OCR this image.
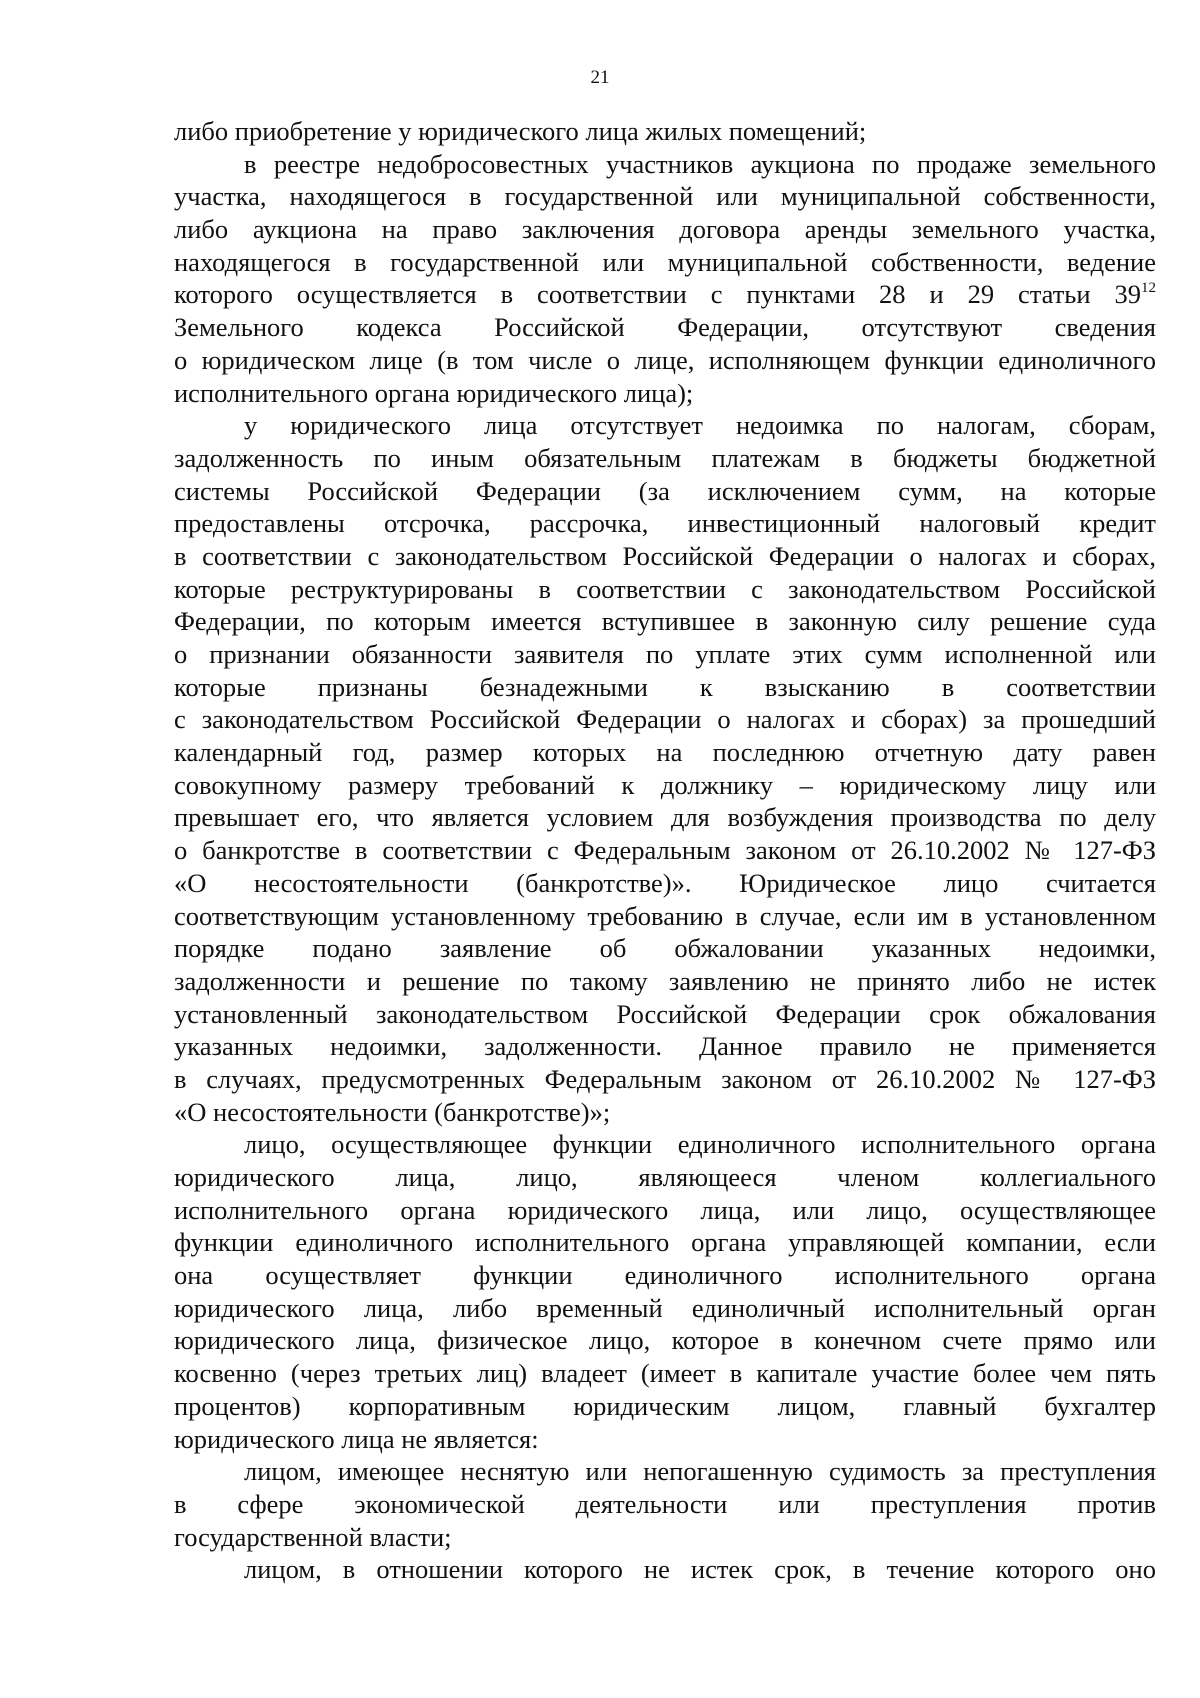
21
либо приобретение у юридического лица жилых помещений;
в реестре недобросовестных участников аукциона по продаже земельного
участка, находящегося в государственной или муниципальной собственности,
либо аукциона на право заключения договора аренды земельного участка,
находящегося в государственной или муниципальной собственности, ведение
которого осуществляется в соответствии с пунктами 28 и 29 статьи $39^{12}$
Земельного кодекса Российской Федерации, отсутствуют сведения
о юридическом лице (в том числе о лице, исполняющем функции единоличного
исполнительного органа юридического лица);
у юридического лица отсутствует недоимка по налогам, сборам,
задолженность по иным обязательным платежам в бюджеты бюджетной
системы Российской Федерации (за исключением сумм, на которые
предоставлены отсрочка, рассрочка, инвестиционный налоговый кредит
в соответствии с законодательством Российской Федерации о налогах и сборах,
которые реструктурированы в соответствии с законодательством Российской
Федерации, по которым имеется вступившее в законную силу решение суда
о признании обязанности заявителя по уплате этих сумм исполненной или
которые признаны безнадежными к взысканию в соответствии
с законодательством Российской Федерации о налогах и сборах) за прошедший
календарный год, размер которых на последнюю отчетную дату равен
совокупному размеру требований к должнику – юридическому лицу или
превышает его, что является условием для возбуждения производства по делу
о банкротстве в соответствии с Федеральным законом от 26.10.2002 № 127-ФЗ
«О несостоятельности (банкротстве)». Юридическое лицо считается
соответствующим установленному требованию в случае, если им в установленном
порядке подано заявление об обжаловании указанных недоимки,
задолженности и решение по такому заявлению не принято либо не истек
установленный законодательством Российской Федерации срок обжалования
указанных недоимки, задолженности. Данное правило не применяется
в случаях, предусмотренных Федеральным законом от 26.10.2002 № 127-ФЗ
«О несостоятельности (банкротстве)»;
лицо, осуществляющее функции единоличного исполнительного органа
юридического лица, лицо, являющееся членом коллегиального
исполнительного органа юридического лица, или лицо, осуществляющее
функции единоличного исполнительного органа управляющей компании, если
она осуществляет функции единоличного исполнительного органа
юридического лица, либо временный единоличный исполнительный орган
юридического лица, физическое лицо, которое в конечном счете прямо или
косвенно (через третьих лиц) владеет (имеет в капитале участие более чем пять
процентов) корпоративным юридическим лицом, главный бухгалтер
юридического лица не является:
лицом, имеющее неснятую или непогашенную судимость за преступления
в сфере экономической деятельности или преступления против
государственной власти;
лицом, в отношении которого не истек срок, в течение которого оно
